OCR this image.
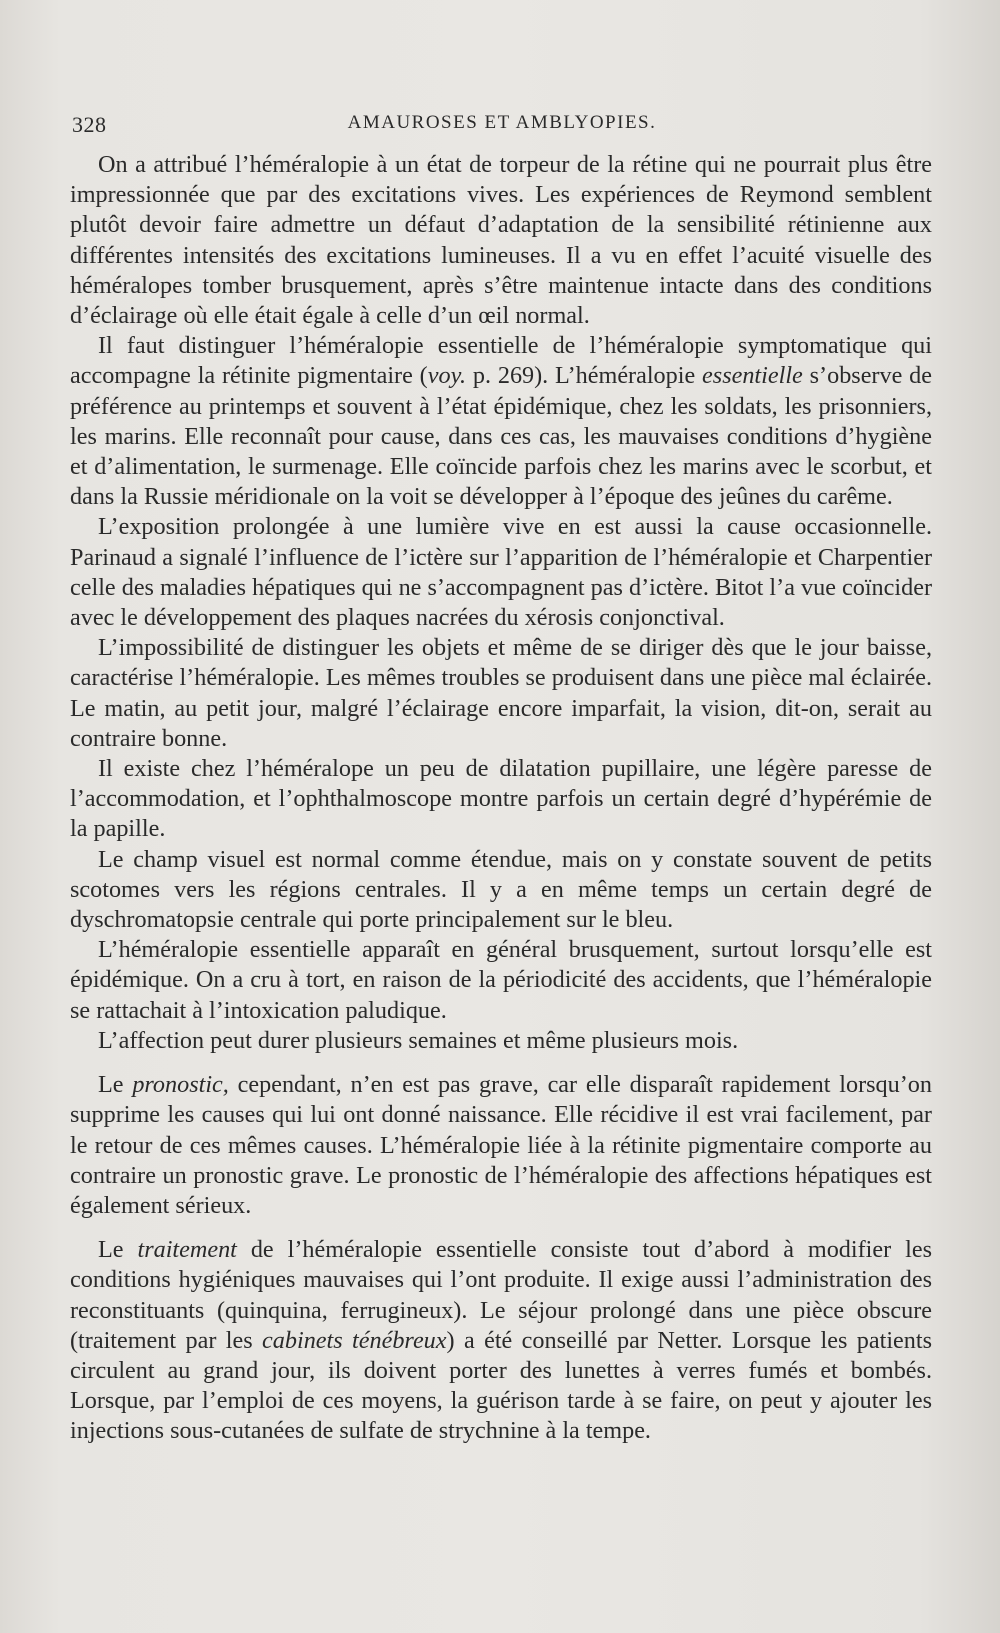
328	AMAUROSES ET AMBLYOPIES.

On a attribué l’héméralopie à un état de torpeur de la rétine qui ne pourrait plus être impressionnée que par des excitations vives. Les expériences de Reymond semblent plutôt devoir faire admettre un défaut d’adaptation de la sensibilité rétinienne aux différentes intensités des excitations lumineuses. Il a vu en effet l’acuité visuelle des héméralopes tomber brusquement, après s’être maintenue intacte dans des conditions d’éclairage où elle était égale à celle d’un œil normal.

Il faut distinguer l’héméralopie essentielle de l’héméralopie symptomatique qui accompagne la rétinite pigmentaire (voy. p. 269). L’héméralopie essentielle s’observe de préférence au printemps et souvent à l’état épidémique, chez les soldats, les prisonniers, les marins. Elle reconnaît pour cause, dans ces cas, les mauvaises conditions d’hygiène et d’alimentation, le surmenage. Elle coïncide parfois chez les marins avec le scorbut, et dans la Russie méridionale on la voit se développer à l’époque des jeûnes du carême.

L’exposition prolongée à une lumière vive en est aussi la cause occasionnelle. Parinaud a signalé l’influence de l’ictère sur l’apparition de l’héméralopie et Charpentier celle des maladies hépatiques qui ne s’accompagnent pas d’ictère. Bitot l’a vue coïncider avec le développement des plaques nacrées du xérosis conjonctival.

L’impossibilité de distinguer les objets et même de se diriger dès que le jour baisse, caractérise l’héméralopie. Les mêmes troubles se produisent dans une pièce mal éclairée. Le matin, au petit jour, malgré l’éclairage encore imparfait, la vision, dit-on, serait au contraire bonne.

Il existe chez l’héméralope un peu de dilatation pupillaire, une légère paresse de l’accommodation, et l’ophthalmoscope montre parfois un certain degré d’hypérémie de la papille.

Le champ visuel est normal comme étendue, mais on y constate souvent de petits scotomes vers les régions centrales. Il y a en même temps un certain degré de dyschromatopsie centrale qui porte principalement sur le bleu.

L’héméralopie essentielle apparaît en général brusquement, surtout lorsqu’elle est épidémique. On a cru à tort, en raison de la périodicité des accidents, que l’héméralopie se rattachait à l’intoxication paludique.

L’affection peut durer plusieurs semaines et même plusieurs mois.

Le pronostic, cependant, n’en est pas grave, car elle disparaît rapidement lorsqu’on supprime les causes qui lui ont donné naissance. Elle récidive il est vrai facilement, par le retour de ces mêmes causes. L’héméralopie liée à la rétinite pigmentaire comporte au contraire un pronostic grave. Le pronostic de l’héméralopie des affections hépatiques est également sérieux.

Le traitement de l’héméralopie essentielle consiste tout d’abord à modifier les conditions hygiéniques mauvaises qui l’ont produite. Il exige aussi l’administration des reconstituants (quinquina, ferrugineux). Le séjour prolongé dans une pièce obscure (traitement par les cabinets ténébreux) a été conseillé par Netter. Lorsque les patients circulent au grand jour, ils doivent porter des lunettes à verres fumés et bombés. Lorsque, par l’emploi de ces moyens, la guérison tarde à se faire, on peut y ajouter les injections sous-cutanées de sulfate de strychnine à la tempe.
